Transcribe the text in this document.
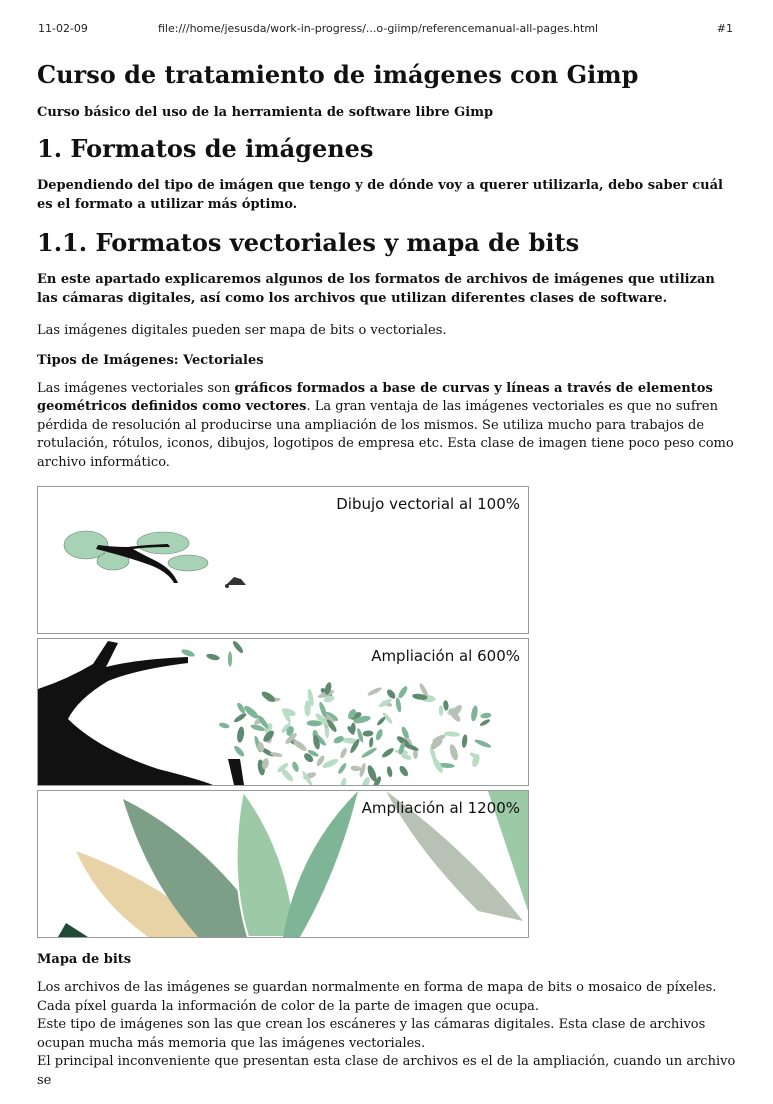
11-02-09	file:///home/jesusda/work-in-progress/...o-giimp/referencemanual-all-pages.html	#1
Curso de tratamiento de imágenes con Gimp
Curso básico del uso de la herramienta de software libre Gimp
1. Formatos de imágenes
Dependiendo del tipo de imágen que tengo y de dónde voy a querer utilizarla, debo saber cuál es el formato a utilizar más óptimo.
1.1. Formatos vectoriales y mapa de bits
En este apartado explicaremos algunos de los formatos de archivos de imágenes que utilizan las cámaras digitales, así como los archivos que utilizan diferentes clases de software.

Las imágenes digitales pueden ser mapa de bits o vectoriales.

Tipos de Imágenes: Vectoriales

Las imágenes vectoriales son gráficos formados a base de curvas y líneas a través de elementos geométricos definidos como vectores. La gran ventaja de las imágenes vectoriales es que no sufren pérdida de resolución al producirse una ampliación de los mismos. Se utiliza mucho para trabajos de rotulación, rótulos, iconos, dibujos, logotipos de empresa etc. Esta clase de imagen tiene poco peso como archivo informático.

Dibujo vectorial al 100%
Ampliación al 600%
Ampliación al 1200%
Mapa de bits

Los archivos de las imágenes se guardan normalmente en forma de mapa de bits o mosaico de píxeles. Cada píxel guarda la información de color de la parte de imagen que ocupa.

Este tipo de imágenes son las que crean los escáneres y las cámaras digitales. Esta clase de archivos ocupan mucha más memoria que las imágenes vectoriales.

El principal inconveniente que presentan esta clase de archivos es el de la ampliación, cuando un archivo se
